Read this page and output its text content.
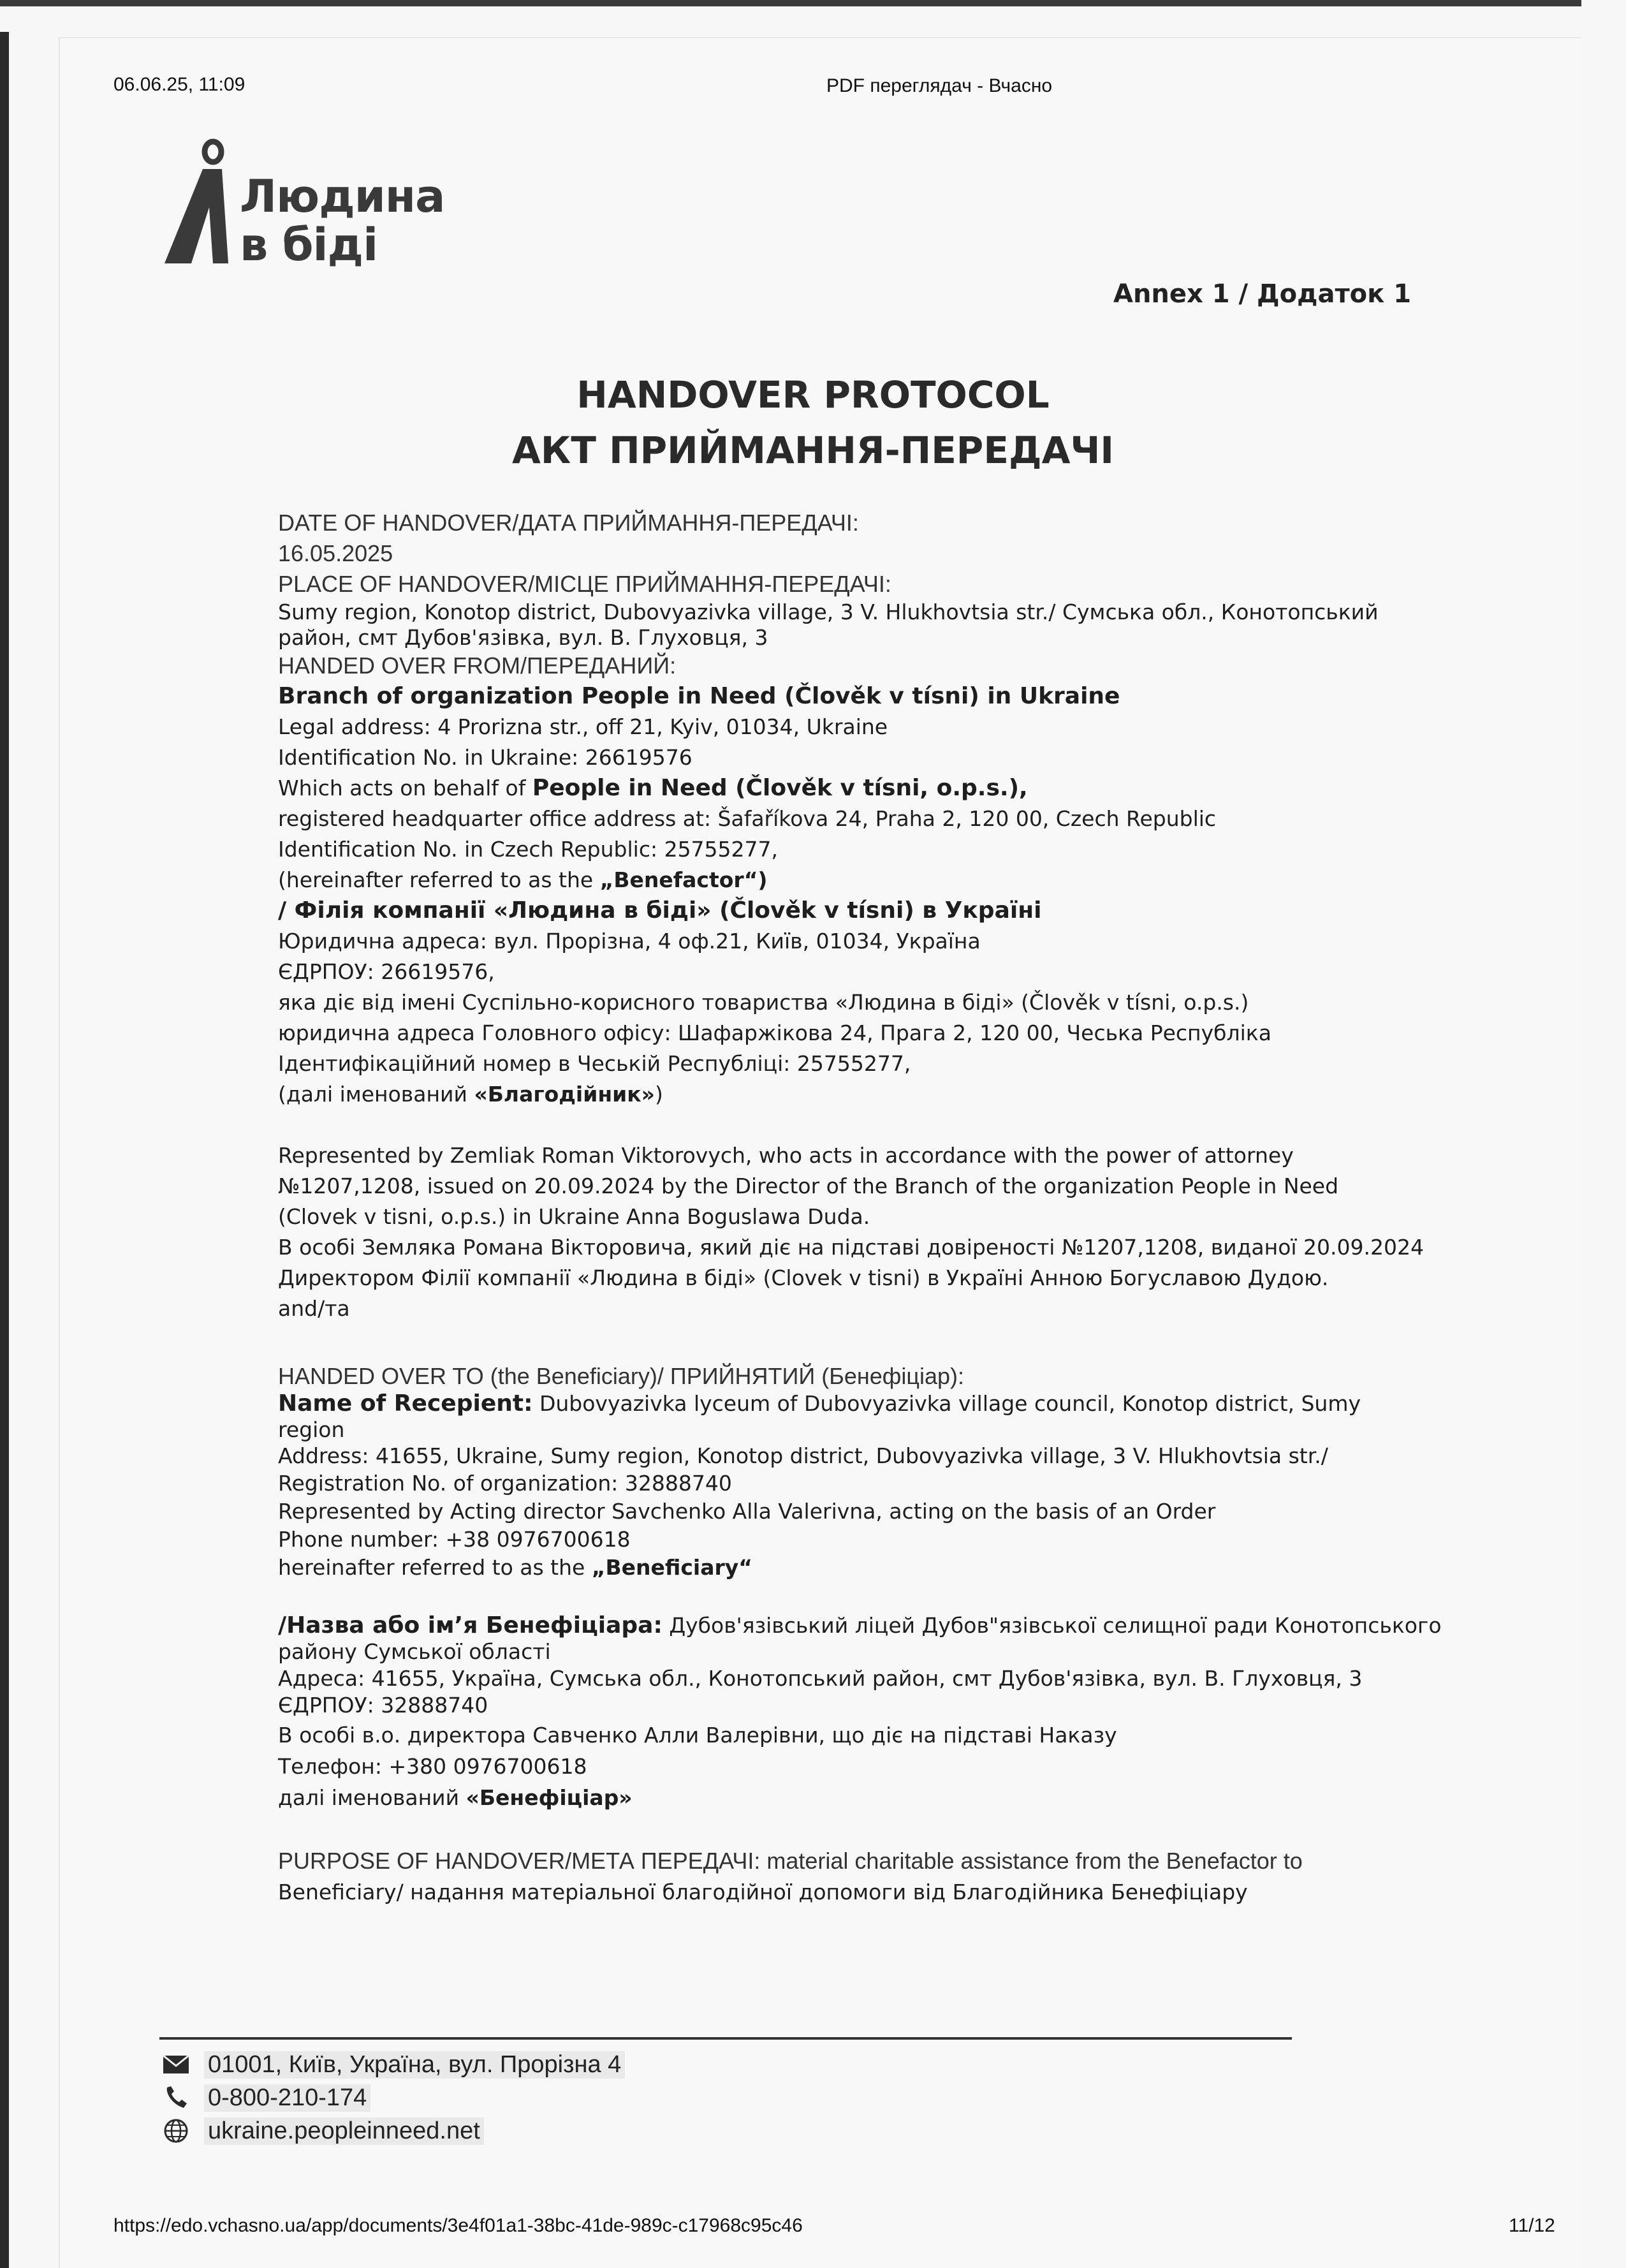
06.06.25, 11:09	PDF переглядач - Вчасно
Людина
в біді
Annex 1 / Додаток 1
HANDOVER PROTOCOL
АКТ ПРИЙМАННЯ-ПЕРЕДАЧІ
DATE OF HANDOVER/ДАТА ПРИЙМАННЯ-ПЕРЕДАЧІ:
16.05.2025
PLACE OF HANDOVER/МІСЦЕ ПРИЙМАННЯ-ПЕРЕДАЧІ:
Sumy region, Konotop district, Dubovyazivka village, 3 V. Hlukhovtsia str./ Сумська обл., Конотопський
район, смт Дубов'язівка, вул. В. Глуховця, 3
HANDED OVER FROM/ПЕРЕДАНИЙ:
Branch of organization People in Need (Člověk v tísni) in Ukraine
Legal address: 4 Prorizna str., off 21, Kyiv, 01034, Ukraine
Identification No. in Ukraine: 26619576
Which acts on behalf of People in Need (Člověk v tísni, o.p.s.),
registered headquarter office address at: Šafaříkova 24, Praha 2, 120 00, Czech Republic
Identification No. in Czech Republic: 25755277,
(hereinafter referred to as the „Benefactor“)
/ Філія компанії «Людина в біді» (Člověk v tísni) в Україні
Юридична адреса: вул. Прорізна, 4 оф.21, Київ, 01034, Україна
ЄДРПОУ: 26619576,
яка діє від імені Суспільно-корисного товариства «Людина в біді» (Člověk v tísni, o.p.s.)
юридична адреса Головного офісу: Шафаржікова 24, Прага 2, 120 00, Чеська Республіка
Ідентифікаційний номер в Чеській Республіці: 25755277,
(далі іменований «Благодійник»)
Represented by Zemliak Roman Viktorovych, who acts in accordance with the power of attorney
№1207,1208, issued on 20.09.2024 by the Director of the Branch of the organization People in Need
(Clovek v tisni, o.p.s.) in Ukraine Anna Boguslawa Duda.
В особі Земляка Романа Вікторовича, який діє на підставі довіреності №1207,1208, виданої 20.09.2024
Директором Філії компанії «Людина в біді» (Clovek v tisni) в Україні Анною Богуславою Дудою.
and/та
HANDED OVER TO (the Beneficiary)/ ПРИЙНЯТИЙ (Бенефіціар):
Name of Recepient: Dubovyazivka lyceum of Dubovyazivka village council, Konotop district, Sumy
region
Address: 41655, Ukraine, Sumy region, Konotop district, Dubovyazivka village, 3 V. Hlukhovtsia str./
Registration No. of organization: 32888740
Represented by Acting director Savchenko Alla Valerivna, acting on the basis of an Order
Phone number: +38 0976700618
hereinafter referred to as the „Beneficiary“
/Назва або ім’я Бенефіціара: Дубов'язівський ліцей Дубов"язівської селищної ради Конотопського
району Сумської області
Адреса: 41655, Україна, Сумська обл., Конотопський район, смт Дубов'язівка, вул. В. Глуховця, 3
ЄДРПОУ: 32888740
В особі в.о. директора Савченко Алли Валерівни, що діє на підставі Наказу
Телефон: +380 0976700618
далі іменований «Бенефіціар»
PURPOSE OF HANDOVER/МЕТА ПЕРЕДАЧІ: material charitable assistance from the Benefactor to
Beneficiary/ надання матеріальної благодійної допомоги від Благодійника Бенефіціару
01001, Київ, Україна, вул. Прорізна 4
0-800-210-174
ukraine.peopleinneed.net
https://edo.vchasno.ua/app/documents/3e4f01a1-38bc-41de-989c-c17968c95c46	11/12
